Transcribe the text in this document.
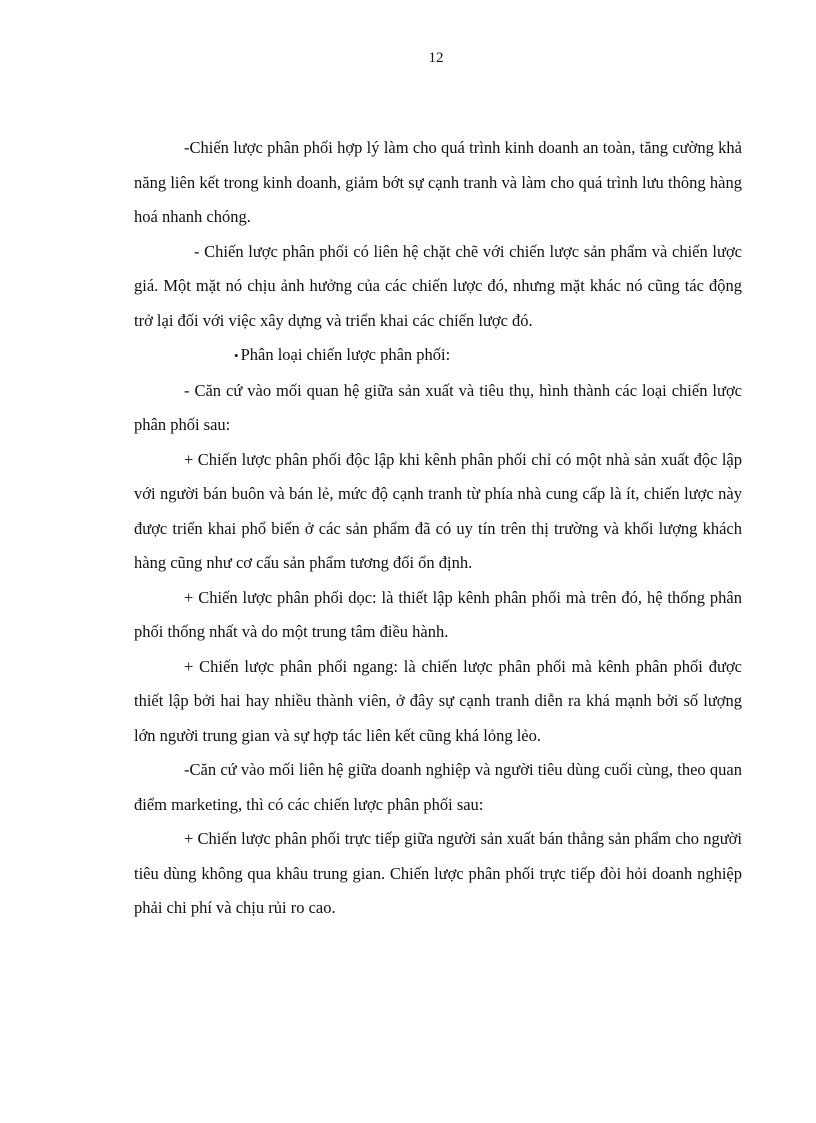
12

-Chiến lược phân phối hợp lý làm cho quá trình kinh doanh an toàn, tăng cường khả năng liên kết trong kinh doanh, giảm bớt sự cạnh tranh và làm cho quá trình lưu thông hàng hoá nhanh chóng.

- Chiến lược phân phối có liên hệ chặt chẽ với chiến lược sản phẩm và chiến lược giá. Một mặt nó chịu ảnh hưởng của các chiến lược đó, nhưng mặt khác nó cũng tác động trở lại đối với việc xây dựng và triển khai các chiến lược đó.

• Phân loại chiến lược phân phối:

- Căn cứ vào mối quan hệ giữa sản xuất và tiêu thụ, hình thành các loại chiến lược phân phối sau:

+ Chiến lược phân phối độc lập khi kênh phân phối chỉ có một nhà sản xuất độc lập với người bán buôn và bán lẻ, mức độ cạnh tranh từ phía nhà cung cấp là ít, chiến lược này được triển khai phổ biến ở các sản phẩm đã có uy tín trên thị trường và khối lượng khách hàng cũng như cơ cấu sản phẩm tương đối ổn định.

+ Chiến lược phân phối dọc: là thiết lập kênh phân phối mà trên đó, hệ thống phân phối thống nhất và do một trung tâm điều hành.

+ Chiến lược phân phối ngang: là chiến lược phân phối mà kênh phân phối được thiết lập bởi hai hay nhiều thành viên, ở đây sự cạnh tranh diễn ra khá mạnh bởi số lượng lớn người trung gian và sự hợp tác liên kết cũng khá lỏng lẻo.

-Căn cứ vào mối liên hệ giữa doanh nghiệp và người tiêu dùng cuối cùng, theo quan điểm marketing, thì có các chiến lược phân phối sau:

+ Chiến lược phân phối trực tiếp giữa người sản xuất bán thẳng sản phẩm cho người tiêu dùng không qua khâu trung gian. Chiến lược phân phối trực tiếp đòi hỏi doanh nghiệp phải chi phí và chịu rủi ro cao.
